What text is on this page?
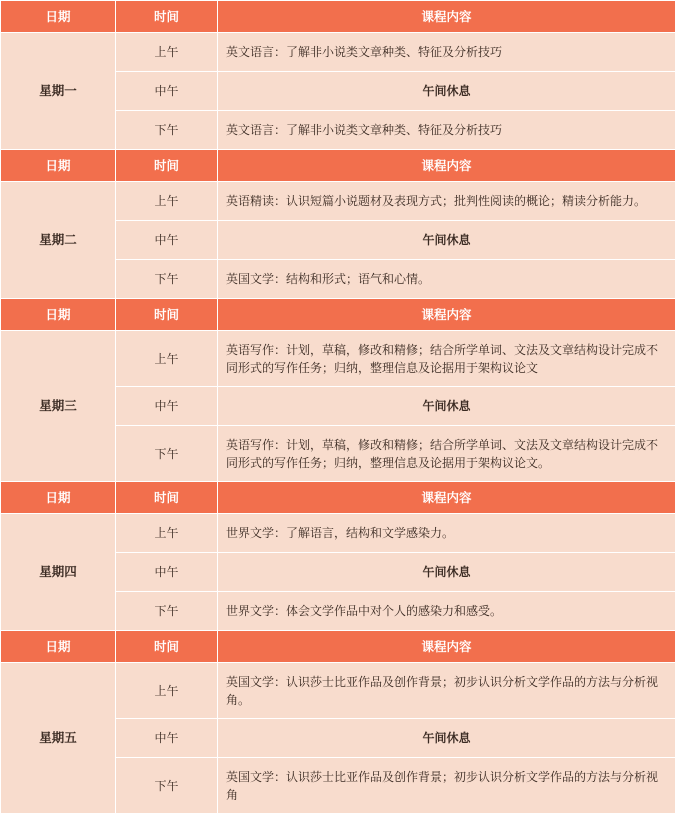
日期	时间	课程内容
星期一	上午	英文语言：了解非小说类文章种类、特征及分析技巧
	中午	午间休息
	下午	英文语言：了解非小说类文章种类、特征及分析技巧
日期	时间	课程内容
星期二	上午	英语精读：认识短篇小说题材及表现方式；批判性阅读的概论；精读分析能力。
	中午	午间休息
	下午	英国文学：结构和形式；语气和心情。
日期	时间	课程内容
星期三	上午	英语写作：计划，草稿，修改和精修；结合所学单词、文法及文章结构设计完成不同形式的写作任务；归纳，整理信息及论据用于架构议论文
	中午	午间休息
	下午	英语写作：计划，草稿，修改和精修；结合所学单词、文法及文章结构设计完成不同形式的写作任务；归纳，整理信息及论据用于架构议论文。
日期	时间	课程内容
星期四	上午	世界文学：了解语言，结构和文学感染力。
	中午	午间休息
	下午	世界文学：体会文学作品中对个人的感染力和感受。
日期	时间	课程内容
星期五	上午	英国文学：认识莎士比亚作品及创作背景；初步认识分析文学作品的方法与分析视角。
	中午	午间休息
	下午	英国文学：认识莎士比亚作品及创作背景；初步认识分析文学作品的方法与分析视角
